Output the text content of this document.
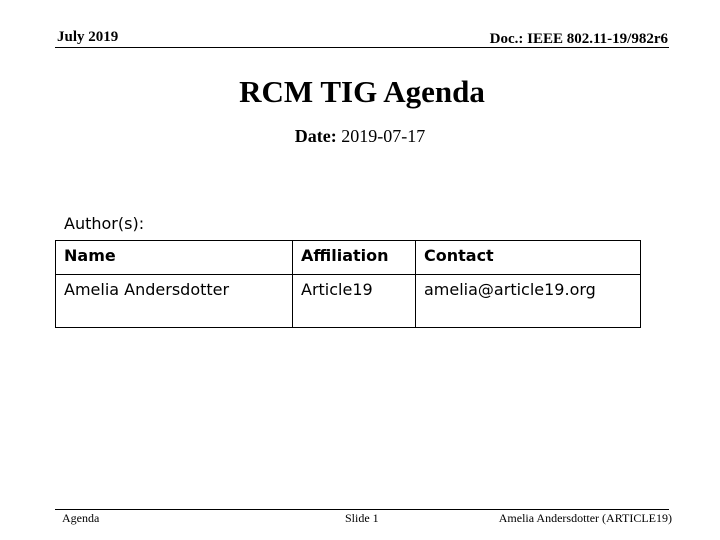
July 2019	Doc.: IEEE 802.11-19/982r6
RCM TIG Agenda
Date: 2019-07-17
Author(s):
Name	Affiliation	Contact
Amelia Andersdotter	Article19	amelia@article19.org
Agenda	Slide 1	Amelia Andersdotter (ARTICLE19)
